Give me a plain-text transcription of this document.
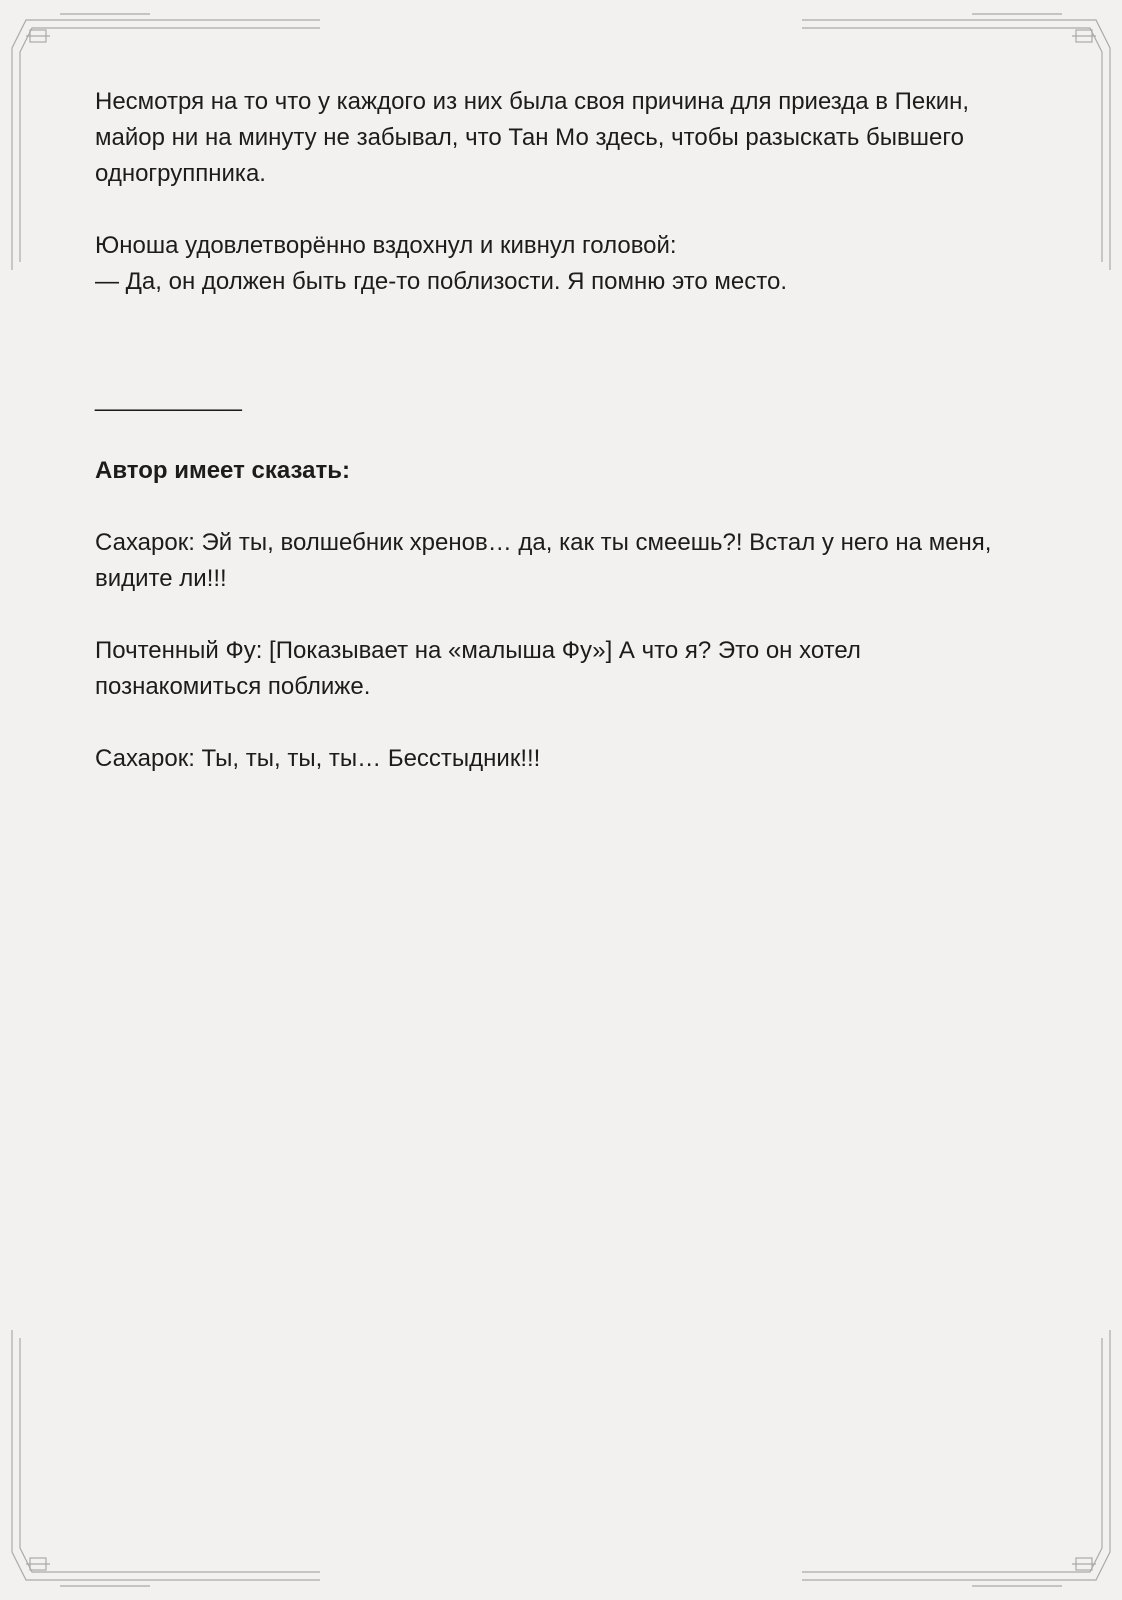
Несмотря на то что у каждого из них была своя причина для приезда в Пекин, майор ни на минуту не забывал, что Тан Мо здесь, чтобы разыскать бывшего одногруппника.

Юноша удовлетворённо вздохнул и кивнул головой:

— Да, он должен быть где-то поблизости. Я помню это место.

___________
Автор имеет сказать:

Сахарок: Эй ты, волшебник хренов… да, как ты смеешь?! Встал у него на меня, видите ли!!!

Почтенный Фу: [Показывает на «малыша Фу»] А что я? Это он хотел познакомиться поближе.

Сахарок: Ты, ты, ты, ты… Бесстыдник!!!
